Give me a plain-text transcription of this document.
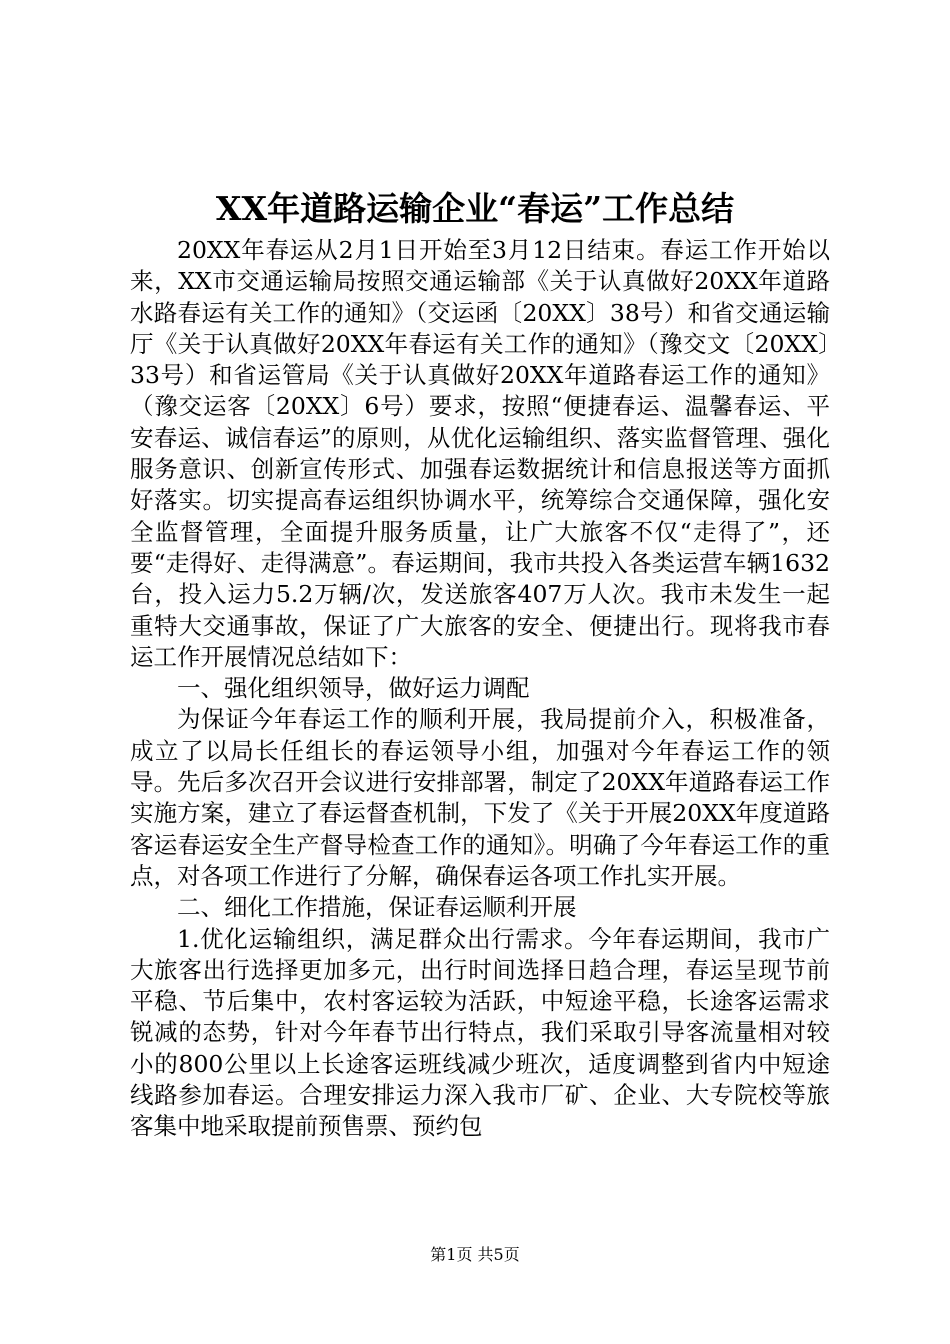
XX年道路运输企业“春运”工作总结

20XX年春运从2月1日开始至3月12日结束。春运工作开始以来，XX市交通运输局按照交通运输部《关于认真做好20XX年道路水路春运有关工作的通知》（交运函〔20XX〕38号）和省交通运输厅《关于认真做好20XX年春运有关工作的通知》（豫交文〔20XX〕33号）和省运管局《关于认真做好20XX年道路春运工作的通知》（豫交运客〔20XX〕6号）要求，按照“便捷春运、温馨春运、平安春运、诚信春运”的原则，从优化运输组织、落实监督管理、强化服务意识、创新宣传形式、加强春运数据统计和信息报送等方面抓好落实。切实提高春运组织协调水平，统筹综合交通保障，强化安全监督管理，全面提升服务质量，让广大旅客不仅“走得了”，还要“走得好、走得满意”。春运期间，我市共投入各类运营车辆1632台，投入运力5.2万辆/次，发送旅客407万人次。我市未发生一起重特大交通事故，保证了广大旅客的安全、便捷出行。现将我市春运工作开展情况总结如下：

一、强化组织领导，做好运力调配

为保证今年春运工作的顺利开展，我局提前介入，积极准备，成立了以局长任组长的春运领导小组，加强对今年春运工作的领导。先后多次召开会议进行安排部署，制定了20XX年道路春运工作实施方案，建立了春运督查机制，下发了《关于开展20XX年度道路客运春运安全生产督导检查工作的通知》。明确了今年春运工作的重点，对各项工作进行了分解，确保春运各项工作扎实开展。

二、细化工作措施，保证春运顺利开展

1.优化运输组织，满足群众出行需求。今年春运期间，我市广大旅客出行选择更加多元，出行时间选择日趋合理，春运呈现节前平稳、节后集中，农村客运较为活跃，中短途平稳，长途客运需求锐减的态势，针对今年春节出行特点，我们采取引导客流量相对较小的800公里以上长途客运班线减少班次，适度调整到省内中短途线路参加春运。合理安排运力深入我市厂矿、企业、大专院校等旅客集中地采取提前预售票、预约包

第1页 共5页
